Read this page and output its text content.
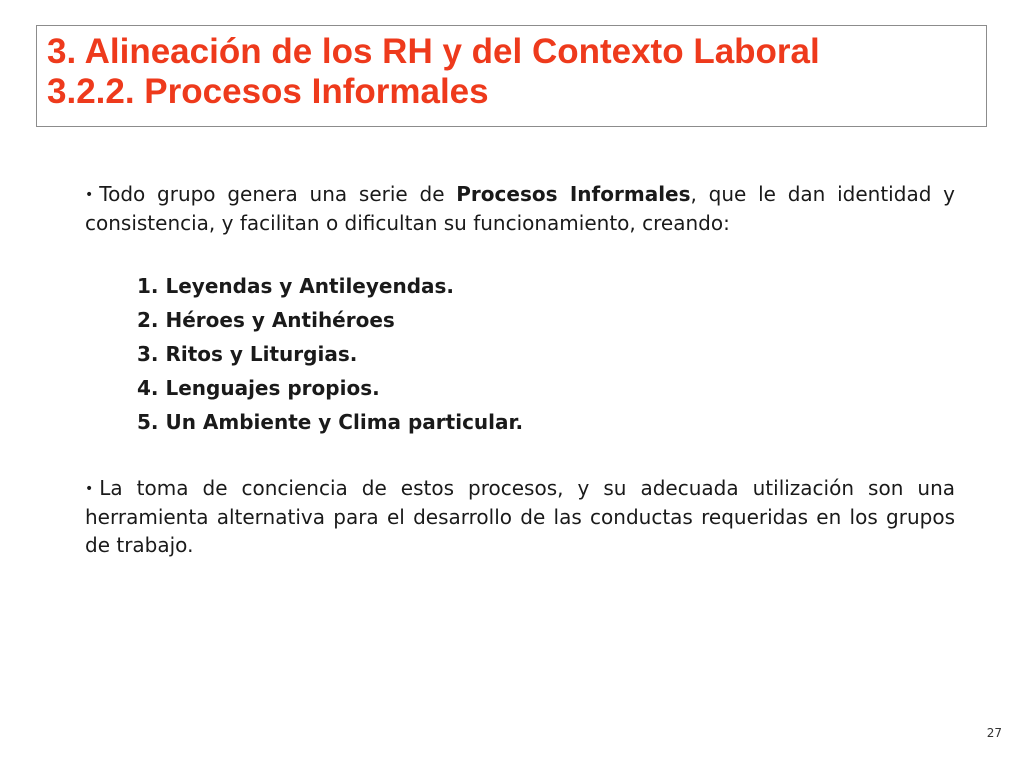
3. Alineación de los RH y del Contexto Laboral
3.2.2. Procesos Informales
• Todo grupo genera una serie de Procesos Informales, que le dan identidad y consistencia, y facilitan o dificultan su funcionamiento, creando:
1. Leyendas y Antileyendas.
2. Héroes y Antihéroes
3. Ritos y Liturgias.
4. Lenguajes propios.
5. Un Ambiente y Clima particular.
• La toma de conciencia de estos procesos, y su adecuada utilización son una herramienta alternativa para el desarrollo de las conductas requeridas en los grupos de trabajo.
27
